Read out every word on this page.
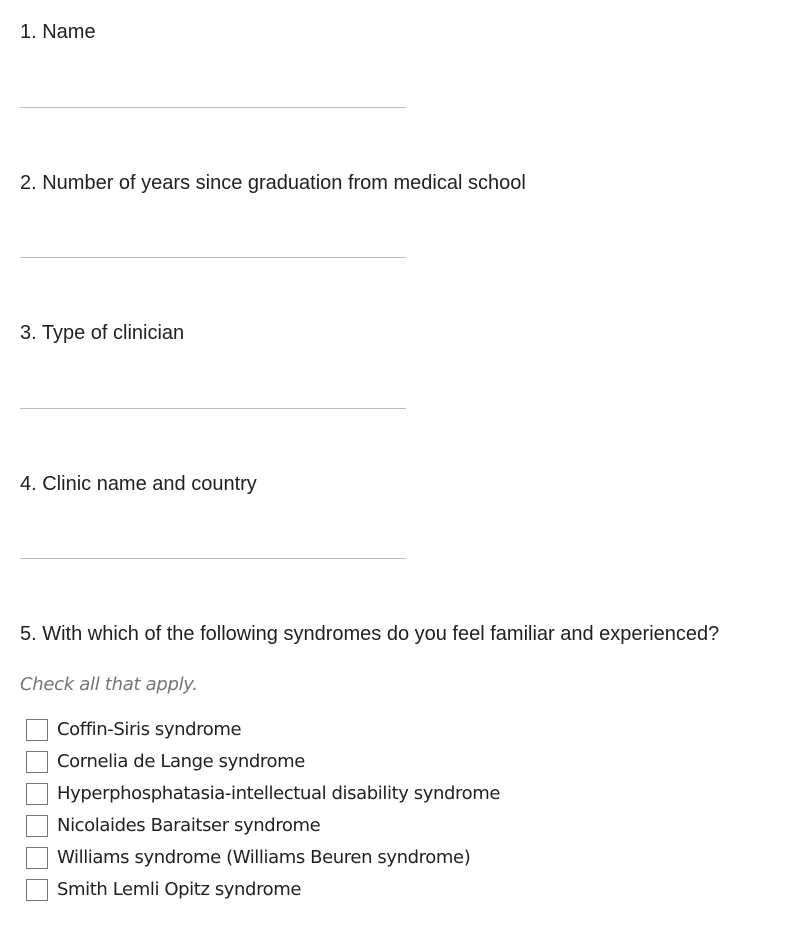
1. Name
2. Number of years since graduation from medical school
3. Type of clinician
4. Clinic name and country
5. With which of the following syndromes do you feel familiar and experienced?
Check all that apply.
Coffin-Siris syndrome
Cornelia de Lange syndrome
Hyperphosphatasia-intellectual disability syndrome
Nicolaides Baraitser syndrome
Williams syndrome (Williams Beuren syndrome)
Smith Lemli Opitz syndrome
